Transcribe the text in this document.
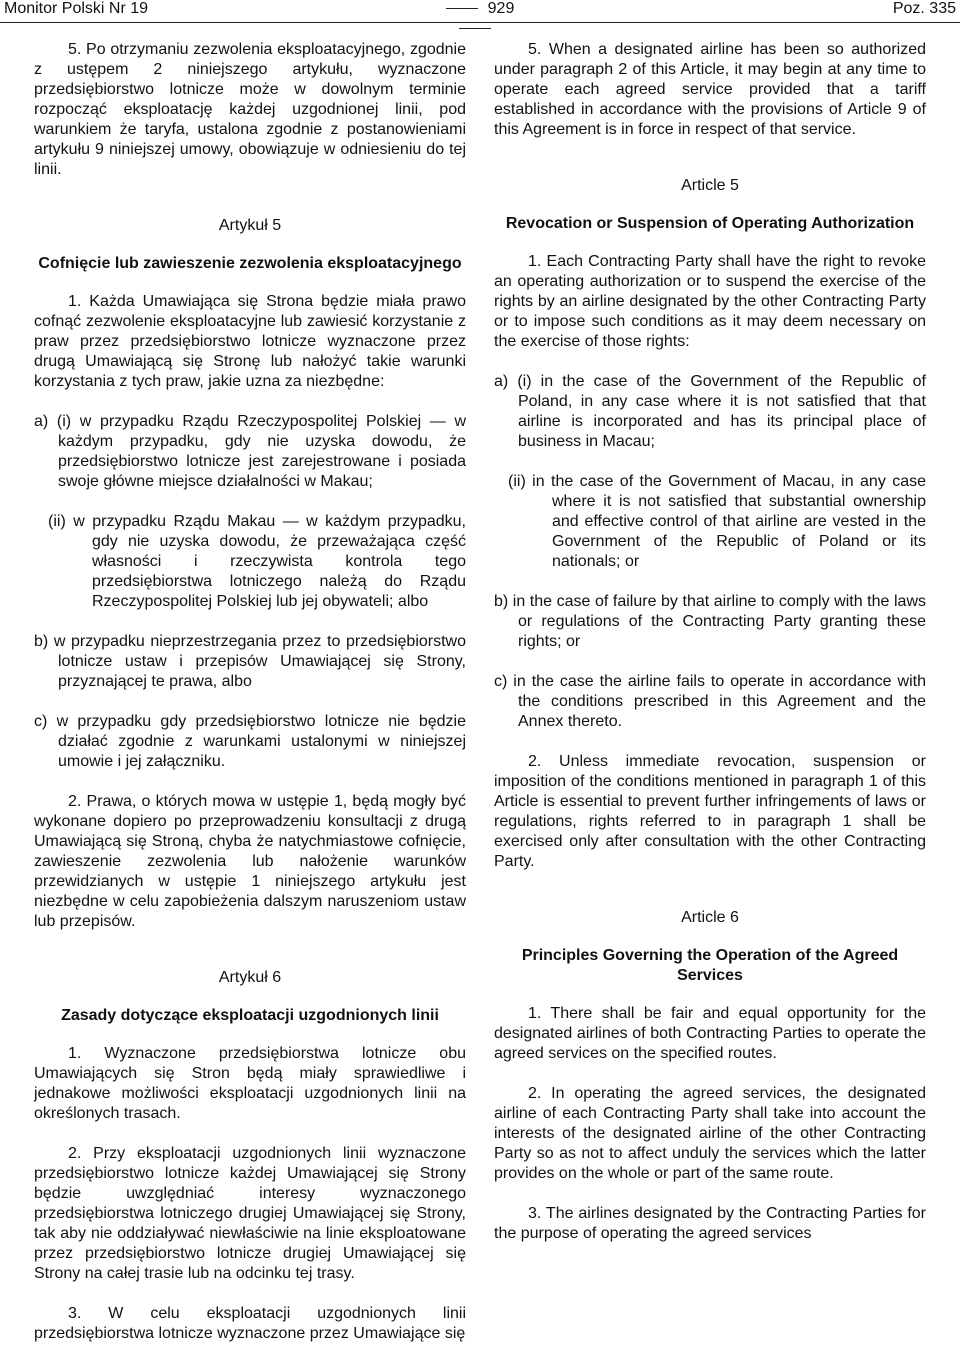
Monitor Polski Nr 19	929	Poz. 335

5. Po otrzymaniu zezwolenia eksploatacyjnego, zgodnie z ustępem 2 niniejszego artykułu, wyznaczone przedsiębiorstwo lotnicze może w dowolnym terminie rozpocząć eksploatację każdej uzgodnionej linii, pod warunkiem że taryfa, ustalona zgodnie z postanowieniami artykułu 9 niniejszej umowy, obowiązuje w odniesieniu do tej linii.

Artykuł 5
Cofnięcie lub zawieszenie zezwolenia eksploatacyjnego

1. Każda Umawiająca się Strona będzie miała prawo cofnąć zezwolenie eksploatacyjne lub zawiesić korzystanie z praw przez przedsiębiorstwo lotnicze wyznaczone przez drugą Umawiającą się Stronę lub nałożyć takie warunki korzystania z tych praw, jakie uzna za niezbędne:

a) (i) w przypadku Rządu Rzeczypospolitej Polskiej — w każdym przypadku, gdy nie uzyska dowodu, że przedsiębiorstwo lotnicze jest zarejestrowane i posiada swoje główne miejsce działalności w Makau;

(ii) w przypadku Rządu Makau — w każdym przypadku, gdy nie uzyska dowodu, że przeważająca część własności i rzeczywista kontrola tego przedsiębiorstwa lotniczego należą do Rządu Rzeczypospolitej Polskiej lub jej obywateli; albo

b) w przypadku nieprzestrzegania przez to przedsiębiorstwo lotnicze ustaw i przepisów Umawiającej się Strony, przyznającej te prawa, albo

c) w przypadku gdy przedsiębiorstwo lotnicze nie będzie działać zgodnie z warunkami ustalonymi w niniejszej umowie i jej załączniku.

2. Prawa, o których mowa w ustępie 1, będą mogły być wykonane dopiero po przeprowadzeniu konsultacji z drugą Umawiającą się Stroną, chyba że natychmiastowe cofnięcie, zawieszenie zezwolenia lub nałożenie warunków przewidzianych w ustępie 1 niniejszego artykułu jest niezbędne w celu zapobieżenia dalszym naruszeniom ustaw lub przepisów.

Artykuł 6
Zasady dotyczące eksploatacji uzgodnionych linii

1. Wyznaczone przedsiębiorstwa lotnicze obu Umawiających się Stron będą miały sprawiedliwe i jednakowe możliwości eksploatacji uzgodnionych linii na określonych trasach.

2. Przy eksploatacji uzgodnionych linii wyznaczone przedsiębiorstwo lotnicze każdej Umawiającej się Strony będzie uwzględniać interesy wyznaczonego przedsiębiorstwa lotniczego drugiej Umawiającej się Strony, tak aby nie oddziaływać niewłaściwie na linie eksploatowane przez przedsiębiorstwo lotnicze drugiej Umawiającej się Strony na całej trasie lub na odcinku tej trasy.

3. W celu eksploatacji uzgodnionych linii przedsiębiorstwa lotnicze wyznaczone przez Umawiające się

5. When a designated airline has been so authorized under paragraph 2 of this Article, it may begin at any time to operate each agreed service provided that a tariff established in accordance with the provisions of Article 9 of this Agreement is in force in respect of that service.

Article 5
Revocation or Suspension of Operating Authorization

1. Each Contracting Party shall have the right to revoke an operating authorization or to suspend the exercise of the rights by an airline designated by the other Contracting Party or to impose such conditions as it may deem necessary on the exercise of those rights:

a) (i) in the case of the Government of the Republic of Poland, in any case where it is not satisfied that that airline is incorporated and has its principal place of business in Macau;

(ii) in the case of the Government of Macau, in any case where it is not satisfied that substantial ownership and effective control of that airline are vested in the Government of the Republic of Poland or its nationals; or

b) in the case of failure by that airline to comply with the laws or regulations of the Contracting Party granting these rights; or

c) in the case the airline fails to operate in accordance with the conditions prescribed in this Agreement and the Annex thereto.

2. Unless immediate revocation, suspension or imposition of the conditions mentioned in paragraph 1 of this Article is essential to prevent further infringements of laws or regulations, rights referred to in paragraph 1 shall be exercised only after consultation with the other Contracting Party.

Article 6
Principles Governing the Operation of the Agreed Services

1. There shall be fair and equal opportunity for the designated airlines of both Contracting Parties to operate the agreed services on the specified routes.

2. In operating the agreed services, the designated airline of each Contracting Party shall take into account the interests of the designated airline of the other Contracting Party so as not to affect unduly the services which the latter provides on the whole or part of the same route.

3. The airlines designated by the Contracting Parties for the purpose of operating the agreed services
